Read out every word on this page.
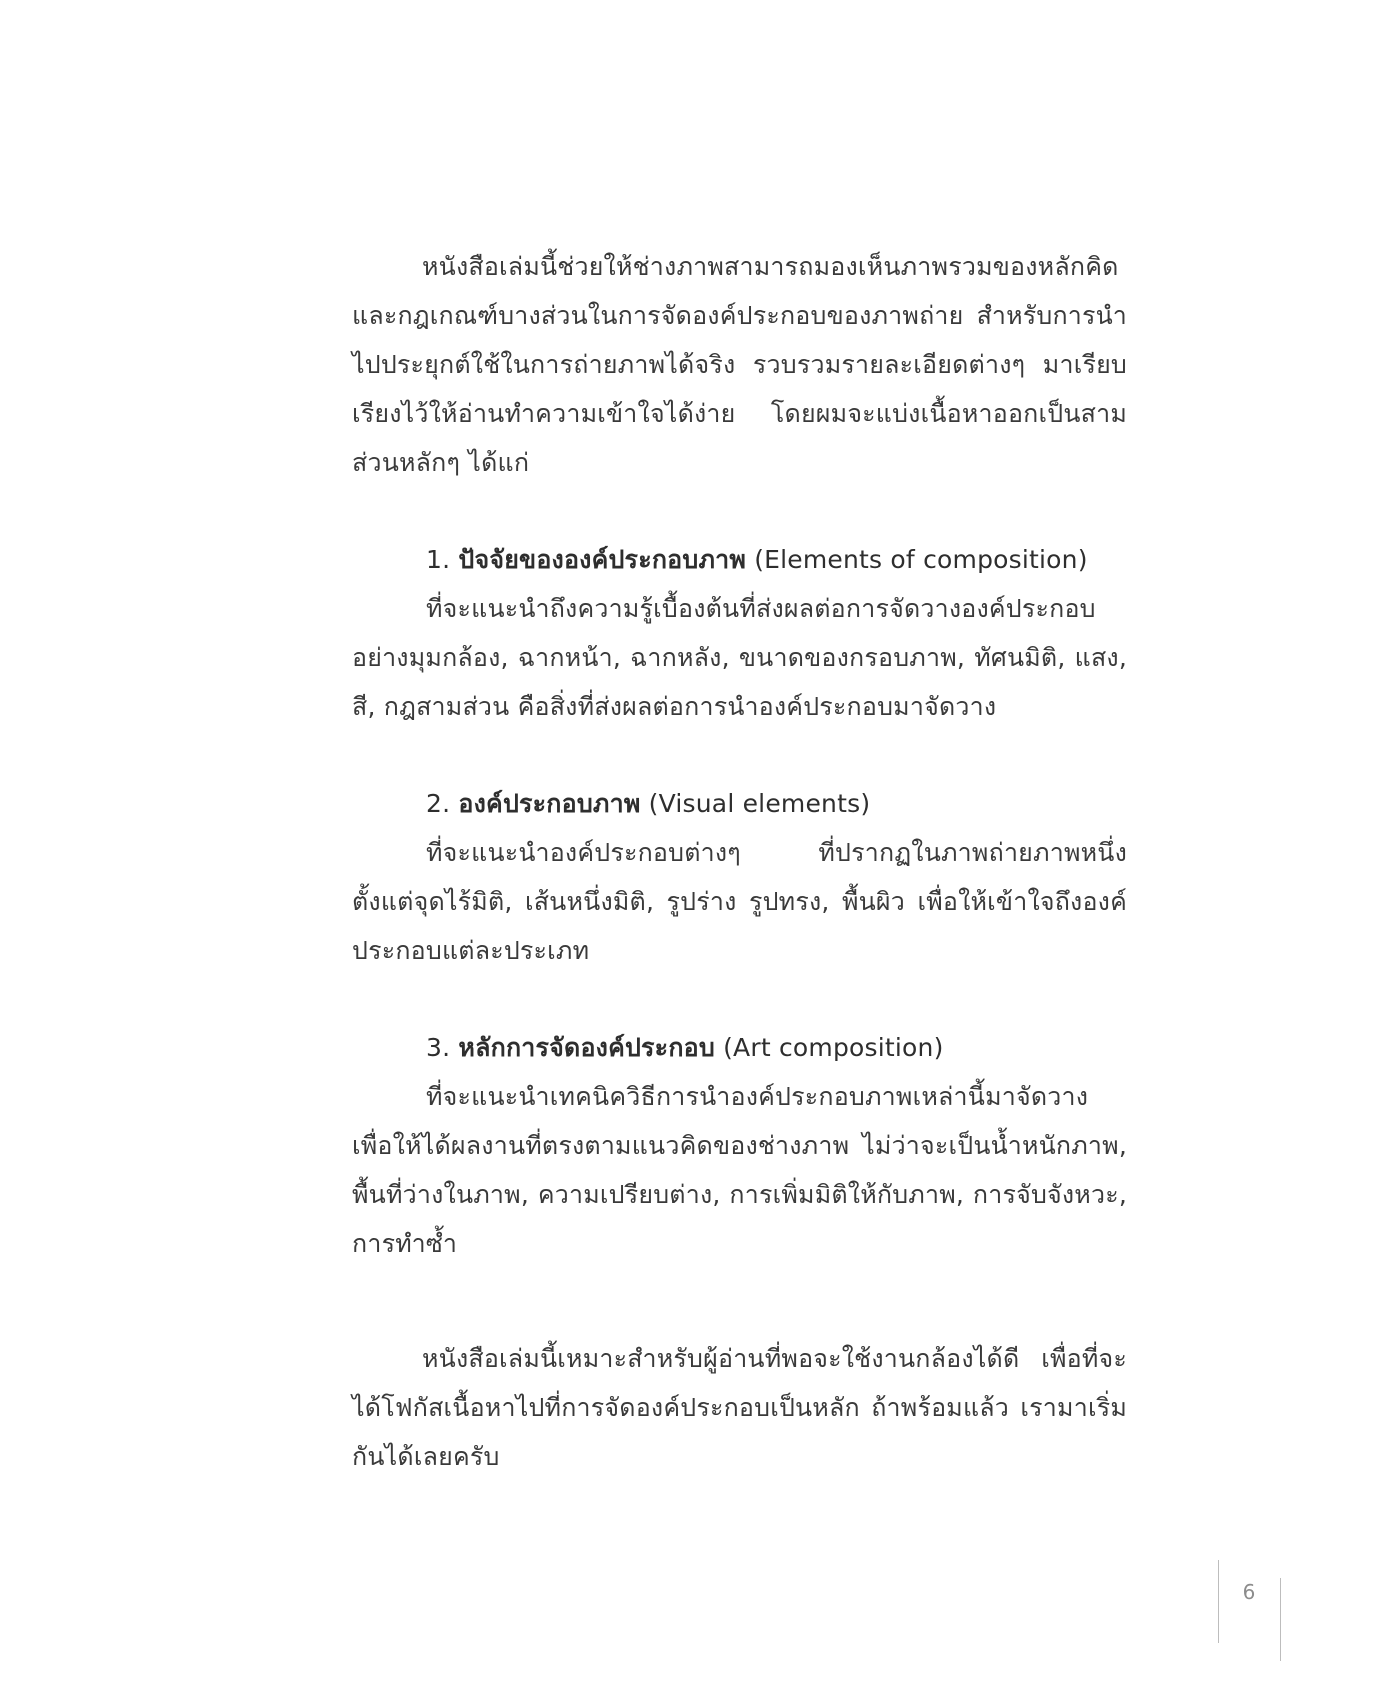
หนังสือเล่มนี้ช่วยให้ช่างภาพสามารถมองเห็นภาพรวมของหลักคิดและกฎเกณฑ์บางส่วนในการจัดองค์ประกอบของภาพถ่าย สำหรับการนำไปประยุกต์ใช้ในการถ่ายภาพได้จริง รวบรวมรายละเอียดต่างๆ มาเรียบเรียงไว้ให้อ่านทำความเข้าใจได้ง่าย โดยผมจะแบ่งเนื้อหาออกเป็นสามส่วนหลักๆ ได้แก่

1. ปัจจัยขององค์ประกอบภาพ (Elements of composition)

ที่จะแนะนำถึงความรู้เบื้องต้นที่ส่งผลต่อการจัดวางองค์ประกอบอย่างมุมกล้อง, ฉากหน้า, ฉากหลัง, ขนาดของกรอบภาพ, ทัศนมิติ, แสง, สี, กฎสามส่วน คือสิ่งที่ส่งผลต่อการนำองค์ประกอบมาจัดวาง

2. องค์ประกอบภาพ (Visual elements)

ที่จะแนะนำองค์ประกอบต่างๆ ที่ปรากฏในภาพถ่ายภาพหนึ่ง ตั้งแต่จุดไร้มิติ, เส้นหนึ่งมิติ, รูปร่าง รูปทรง, พื้นผิว เพื่อให้เข้าใจถึงองค์ประกอบแต่ละประเภท

3. หลักการจัดองค์ประกอบ (Art composition)

ที่จะแนะนำเทคนิควิธีการนำองค์ประกอบภาพเหล่านี้มาจัดวางเพื่อให้ได้ผลงานที่ตรงตามแนวคิดของช่างภาพ ไม่ว่าจะเป็นน้ำหนักภาพ, พื้นที่ว่างในภาพ, ความเปรียบต่าง, การเพิ่มมิติให้กับภาพ, การจับจังหวะ, การทำซ้ำ

หนังสือเล่มนี้เหมาะสำหรับผู้อ่านที่พอจะใช้งานกล้องได้ดี เพื่อที่จะได้โฟกัสเนื้อหาไปที่การจัดองค์ประกอบเป็นหลัก ถ้าพร้อมแล้ว เรามาเริ่มกันได้เลยครับ

6
